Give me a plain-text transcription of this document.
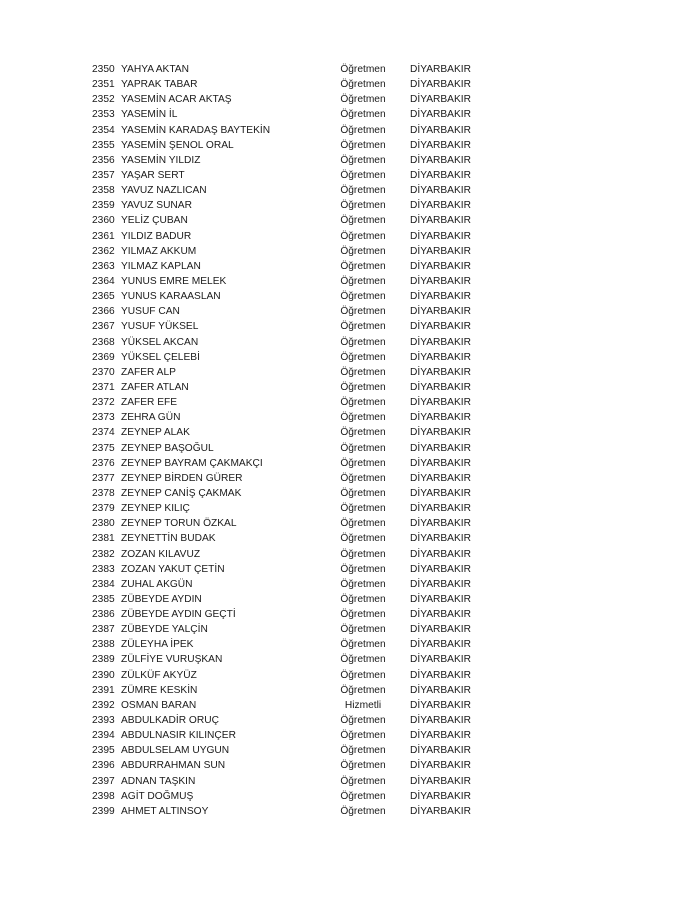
2350 YAHYA AKTAN	Öğretmen	DİYARBAKIR
2351 YAPRAK TABAR	Öğretmen	DİYARBAKIR
2352 YASEMİN ACAR AKTAŞ	Öğretmen	DİYARBAKIR
2353 YASEMİN İL	Öğretmen	DİYARBAKIR
2354 YASEMİN KARADAŞ BAYTEKİN	Öğretmen	DİYARBAKIR
2355 YASEMİN ŞENOL ORAL	Öğretmen	DİYARBAKIR
2356 YASEMİN YILDIZ	Öğretmen	DİYARBAKIR
2357 YAŞAR SERT	Öğretmen	DİYARBAKIR
2358 YAVUZ NAZLICAN	Öğretmen	DİYARBAKIR
2359 YAVUZ SUNAR	Öğretmen	DİYARBAKIR
2360 YELİZ ÇUBAN	Öğretmen	DİYARBAKIR
2361 YILDIZ BADUR	Öğretmen	DİYARBAKIR
2362 YILMAZ AKKUM	Öğretmen	DİYARBAKIR
2363 YILMAZ KAPLAN	Öğretmen	DİYARBAKIR
2364 YUNUS EMRE MELEK	Öğretmen	DİYARBAKIR
2365 YUNUS KARAASLAN	Öğretmen	DİYARBAKIR
2366 YUSUF CAN	Öğretmen	DİYARBAKIR
2367 YUSUF YÜKSEL	Öğretmen	DİYARBAKIR
2368 YÜKSEL AKCAN	Öğretmen	DİYARBAKIR
2369 YÜKSEL ÇELEBİ	Öğretmen	DİYARBAKIR
2370 ZAFER ALP	Öğretmen	DİYARBAKIR
2371 ZAFER ATLAN	Öğretmen	DİYARBAKIR
2372 ZAFER EFE	Öğretmen	DİYARBAKIR
2373 ZEHRA GÜN	Öğretmen	DİYARBAKIR
2374 ZEYNEP ALAK	Öğretmen	DİYARBAKIR
2375 ZEYNEP BAŞOĞUL	Öğretmen	DİYARBAKIR
2376 ZEYNEP BAYRAM ÇAKMAKÇI	Öğretmen	DİYARBAKIR
2377 ZEYNEP BİRDEN GÜRER	Öğretmen	DİYARBAKIR
2378 ZEYNEP CANİŞ ÇAKMAK	Öğretmen	DİYARBAKIR
2379 ZEYNEP KILIÇ	Öğretmen	DİYARBAKIR
2380 ZEYNEP TORUN ÖZKAL	Öğretmen	DİYARBAKIR
2381 ZEYNETTİN BUDAK	Öğretmen	DİYARBAKIR
2382 ZOZAN KILAVUZ	Öğretmen	DİYARBAKIR
2383 ZOZAN YAKUT ÇETİN	Öğretmen	DİYARBAKIR
2384 ZUHAL AKGÜN	Öğretmen	DİYARBAKIR
2385 ZÜBEYDE AYDIN	Öğretmen	DİYARBAKIR
2386 ZÜBEYDE AYDIN GEÇTİ	Öğretmen	DİYARBAKIR
2387 ZÜBEYDE YALÇİN	Öğretmen	DİYARBAKIR
2388 ZÜLEYHA İPEK	Öğretmen	DİYARBAKIR
2389 ZÜLFİYE VURUŞKAN	Öğretmen	DİYARBAKIR
2390 ZÜLKÜF AKYÜZ	Öğretmen	DİYARBAKIR
2391 ZÜMRE KESKİN	Öğretmen	DİYARBAKIR
2392 OSMAN BARAN	Hizmetli	DİYARBAKIR
2393 ABDULKADİR ORUÇ	Öğretmen	DİYARBAKIR
2394 ABDULNASIR KILINÇER	Öğretmen	DİYARBAKIR
2395 ABDULSELAM UYGUN	Öğretmen	DİYARBAKIR
2396 ABDURRAHMAN SUN	Öğretmen	DİYARBAKIR
2397 ADNAN TAŞKIN	Öğretmen	DİYARBAKIR
2398 AGİT DOĞMUŞ	Öğretmen	DİYARBAKIR
2399 AHMET ALTINSOY	Öğretmen	DİYARBAKIR
